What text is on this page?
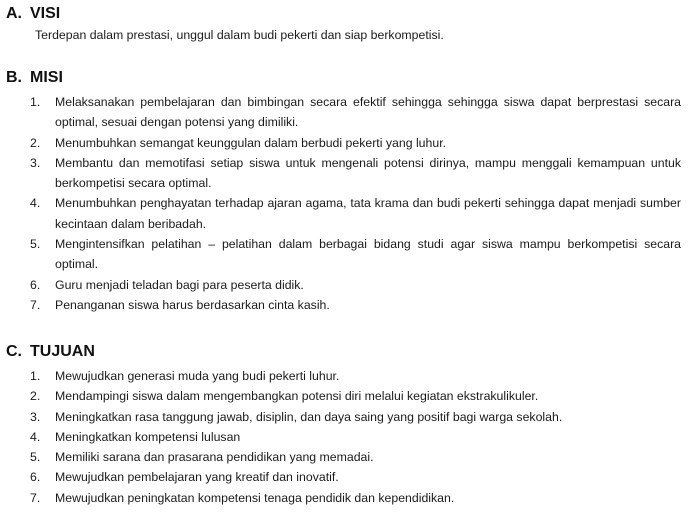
A. VISI

Terdepan dalam prestasi, unggul dalam budi pekerti dan siap berkompetisi.

B. MISI
1. Melaksanakan pembelajaran dan bimbingan secara efektif sehingga sehingga siswa dapat berprestasi secara optimal, sesuai dengan potensi yang dimiliki.
2. Menumbuhkan semangat keunggulan dalam berbudi pekerti yang luhur.
3. Membantu dan memotifasi setiap siswa untuk mengenali potensi dirinya, mampu menggali kemampuan untuk berkompetisi secara optimal.
4. Menumbuhkan penghayatan terhadap ajaran agama, tata krama dan budi pekerti sehingga dapat menjadi sumber kecintaan dalam beribadah.
5. Mengintensifkan pelatihan – pelatihan dalam berbagai bidang studi agar siswa mampu berkompetisi secara optimal.
6. Guru menjadi teladan bagi para peserta didik.
7. Penanganan siswa harus berdasarkan cinta kasih.
C. TUJUAN
1. Mewujudkan generasi muda yang budi pekerti luhur.
2. Mendampingi siswa dalam mengembangkan potensi diri melalui kegiatan ekstrakulikuler.
3. Meningkatkan rasa tanggung jawab, disiplin, dan daya saing yang positif bagi warga sekolah.
4. Meningkatkan kompetensi lulusan
5. Memiliki sarana dan prasarana pendidikan yang memadai.
6. Mewujudkan pembelajaran yang kreatif dan inovatif.
7. Mewujudkan peningkatan kompetensi tenaga pendidik dan kependidikan.
